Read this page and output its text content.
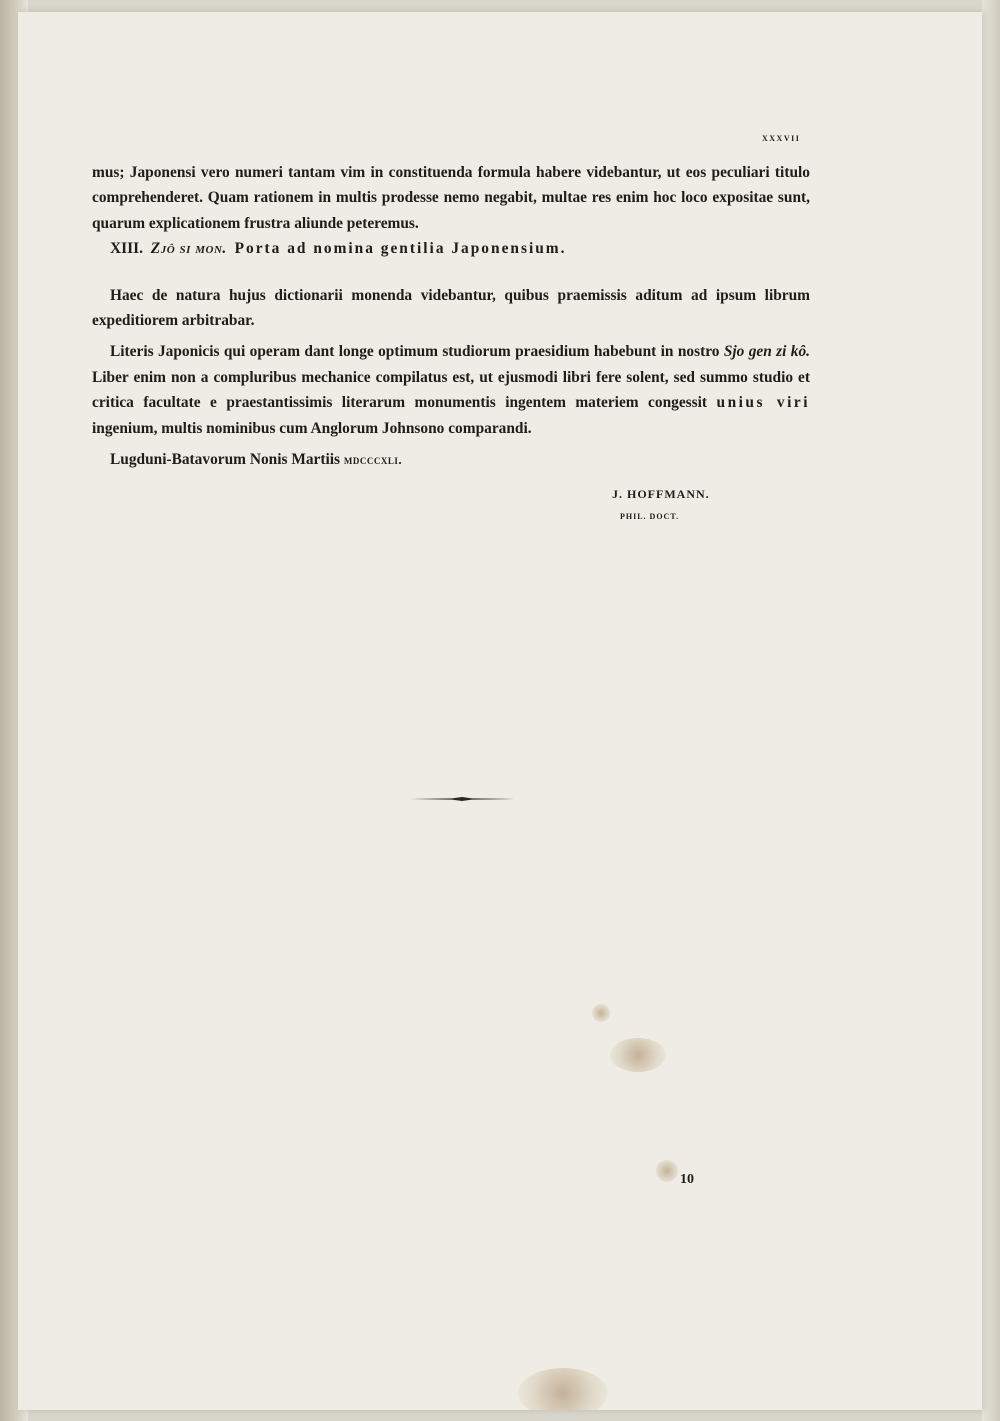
xxxvii

mus; Japonensi vero numeri tantam vim in constituenda formula habere videbantur, ut eos peculiari titulo comprehenderet. Quam rationem in multis prodesse nemo negabit, multae res enim hoc loco expositae sunt, quarum explicationem frustra aliunde peteremus.

XIII. Zjô si mon. Porta ad nomina gentilia Japonensium.

Haec de natura hujus dictionarii monenda videbantur, quibus praemissis aditum ad ipsum librum expeditiorem arbitrabar.

Literis Japonicis qui operam dant longe optimum studiorum praesidium habebunt in nostro Sjo gen zi kô. Liber enim non a compluribus mechanice compilatus est, ut ejusmodi libri fere solent, sed summo studio et critica facultate e praestantissimis literarum monumentis ingentem materiem congessit unius viri ingenium, multis nominibus cum Anglorum Johnsono comparandi.

Lugduni-Batavorum Nonis Martiis mdcccxli.

J. HOFFMANN.
PHIL. DOCT.
10
